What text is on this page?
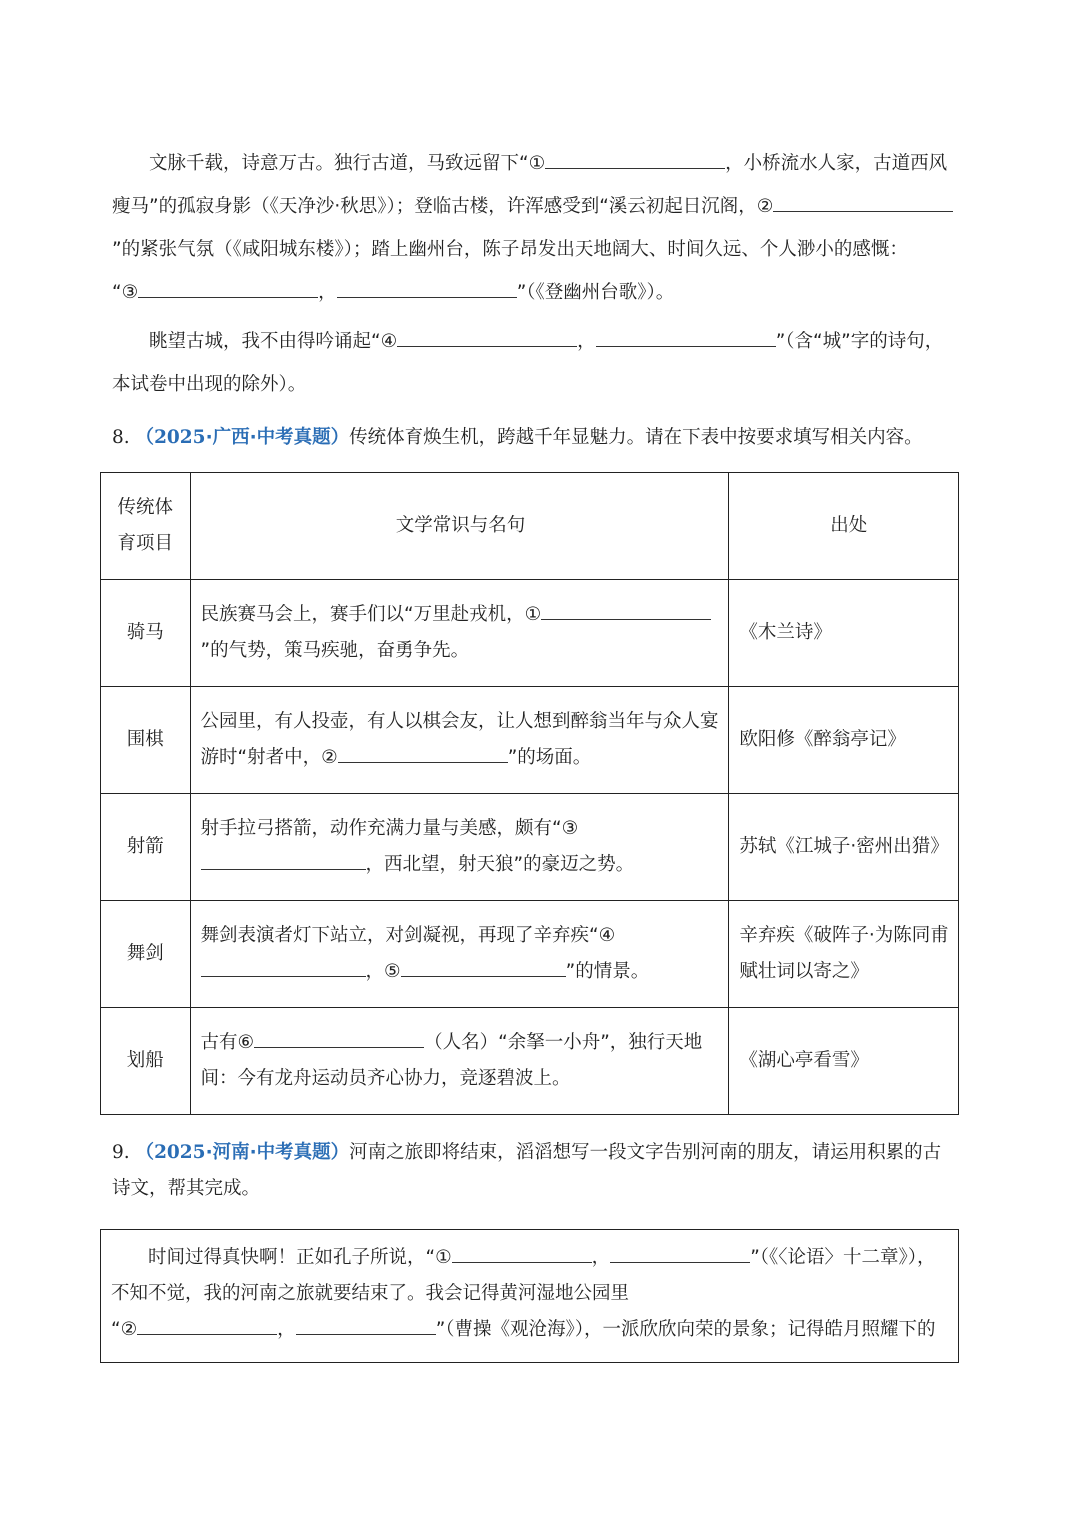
文脉千载，诗意万古。独行古道，马致远留下“①	，小桥流水人家，古道西风瘦马”的孤寂身影（《天净沙·秋思》）；登临古楼，许浑感受到“溪云初起日沉阁，②”的紧张气氛（《咸阳城东楼》）；踏上幽州台，陈子昂发出天地阔大、时间久远、个人渺小的感慨：
“③	，	”（《登幽州台歌》）。

眺望古城，我不由得吟诵起“④	，	”（含“城”字的诗句，本试卷中出现的除外）。

8. （2025·广西·中考真题）传统体育焕生机，跨越千年显魅力。请在下表中按要求填写相关内容。

传统体育项目	文学常识与名句	出处
骑马	民族赛马会上，赛手们以“万里赴戎机，①”的气势，策马疾驰，奋勇争先。	《木兰诗》
围棋	公园里，有人投壶，有人以棋会友，让人想到醉翁当年与众人宴游时“射者中，② ”的场面。	欧阳修《醉翁亭记》
射箭	射手拉弓搭箭，动作充满力量与美感，颇有“③，西北望，射天狼”的豪迈之势。	苏轼《江城子·密州出猎》
舞剑	舞剑表演者灯下站立，对剑凝视，再现了辛弃疾“④，⑤ ”的情景。	辛弃疾《破阵子·为陈同甫赋壮词以寄之》
划船	古有⑥ （人名）“余拏一小舟”，独行天地间：今有龙舟运动员齐心协力，竞逐碧波上。	《湖心亭看雪》

9. （2025·河南·中考真题）河南之旅即将结束，滔滔想写一段文字告别河南的朋友，请运用积累的古诗文，帮其完成。

时间过得真快啊！正如孔子所说，“①	，	”（《〈论语〉十二章》），不知不觉，我的河南之旅就要结束了。我会记得黄河湿地公园里
“②	，	”（曹操《观沧海》），一派欣欣向荣的景象；记得皓月照耀下的
